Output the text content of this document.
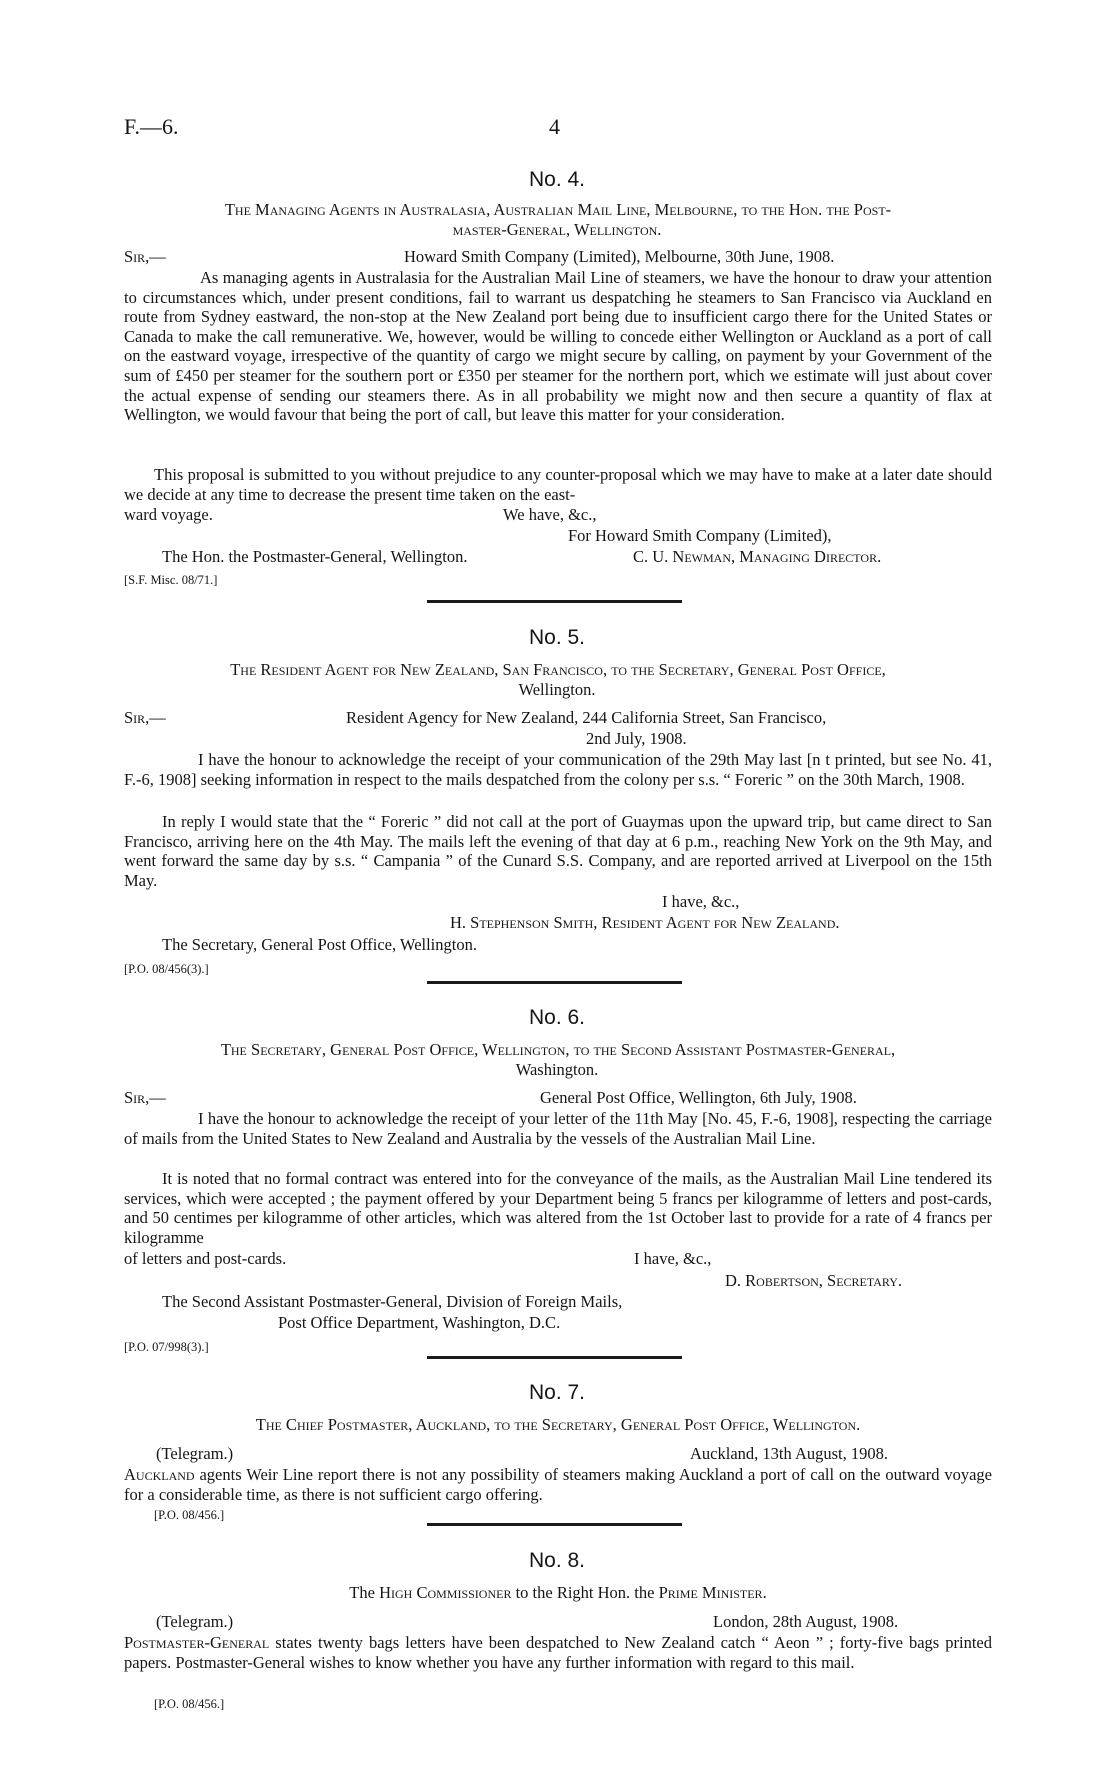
F.—6.	4
No. 4.
The Managing Agents in Australasia, Australian Mail Line, Melbourne, to the Hon. the Post-
master-General, Wellington.
Sir,—	Howard Smith Company (Limited), Melbourne, 30th June, 1908.
As managing agents in Australasia for the Australian Mail Line of steamers, we have the honour to draw your attention to circumstances which, under present conditions, fail to warrant us despatching he steamers to San Francisco via Auckland en route from Sydney eastward, the non-stop at the New Zealand port being due to insufficient cargo there for the United States or Canada to make the call remunerative. We, however, would be willing to concede either Wellington or Auckland as a port of call on the eastward voyage, irrespective of the quantity of cargo we might secure by calling, on payment by your Government of the sum of £450 per steamer for the southern port or £350 per steamer for the northern port, which we estimate will just about cover the actual expense of sending our steamers there. As in all probability we might now and then secure a quantity of flax at Wellington, we would favour that being the port of call, but leave this matter for your consideration.
This proposal is submitted to you without prejudice to any counter-proposal which we may have to make at a later date should we decide at any time to decrease the present time taken on the east-
ward voyage.	We have, &c.,
For Howard Smith Company (Limited),
The Hon. the Postmaster-General, Wellington.	C. U. Newman, Managing Director.
[S.F. Misc. 08/71.]
No. 5.
The Resident Agent for New Zealand, San Francisco, to the Secretary, General Post Office,
Wellington.
Sir,—	Resident Agency for New Zealand, 244 California Street, San Francisco,
2nd July, 1908.
I have the honour to acknowledge the receipt of your communication of the 29th May last [n t printed, but see No. 41, F.-6, 1908] seeking information in respect to the mails despatched from the colony per s.s. “ Foreric ” on the 30th March, 1908.
In reply I would state that the “ Foreric ” did not call at the port of Guaymas upon the upward trip, but came direct to San Francisco, arriving here on the 4th May. The mails left the evening of that day at 6 p.m., reaching New York on the 9th May, and went forward the same day by s.s. “ Campania ” of the Cunard S.S. Company, and are reported arrived at Liverpool on the 15th May.
I have, &c.,
H. Stephenson Smith, Resident Agent for New Zealand.
The Secretary, General Post Office, Wellington.
[P.O. 08/456(3).]
No. 6.
The Secretary, General Post Office, Wellington, to the Second Assistant Postmaster-General,
Washington.
Sir,—	General Post Office, Wellington, 6th July, 1908.
I have the honour to acknowledge the receipt of your letter of the 11th May [No. 45, F.-6, 1908], respecting the carriage of mails from the United States to New Zealand and Australia by the vessels of the Australian Mail Line.
It is noted that no formal contract was entered into for the conveyance of the mails, as the Australian Mail Line tendered its services, which were accepted ; the payment offered by your Department being 5 francs per kilogramme of letters and post-cards, and 50 centimes per kilogramme of other articles, which was altered from the 1st October last to provide for a rate of 4 francs per kilogramme
of letters and post-cards.	I have, &c.,
D. Robertson, Secretary.
The Second Assistant Postmaster-General, Division of Foreign Mails,
Post Office Department, Washington, D.C.
[P.O. 07/998(3).]
No. 7.
The Chief Postmaster, Auckland, to the Secretary, General Post Office, Wellington.
(Telegram.)	Auckland, 13th August, 1908.
Auckland agents Weir Line report there is not any possibility of steamers making Auckland a port of call on the outward voyage for a considerable time, as there is not sufficient cargo offering.
[P.O. 08/456.]
No. 8.
The High Commissioner to the Right Hon. the Prime Minister.
(Telegram.)	London, 28th August, 1908.
Postmaster-General states twenty bags letters have been despatched to New Zealand catch “ Aeon ” ; forty-five bags printed papers. Postmaster-General wishes to know whether you have any further information with regard to this mail.
[P.O. 08/456.]
